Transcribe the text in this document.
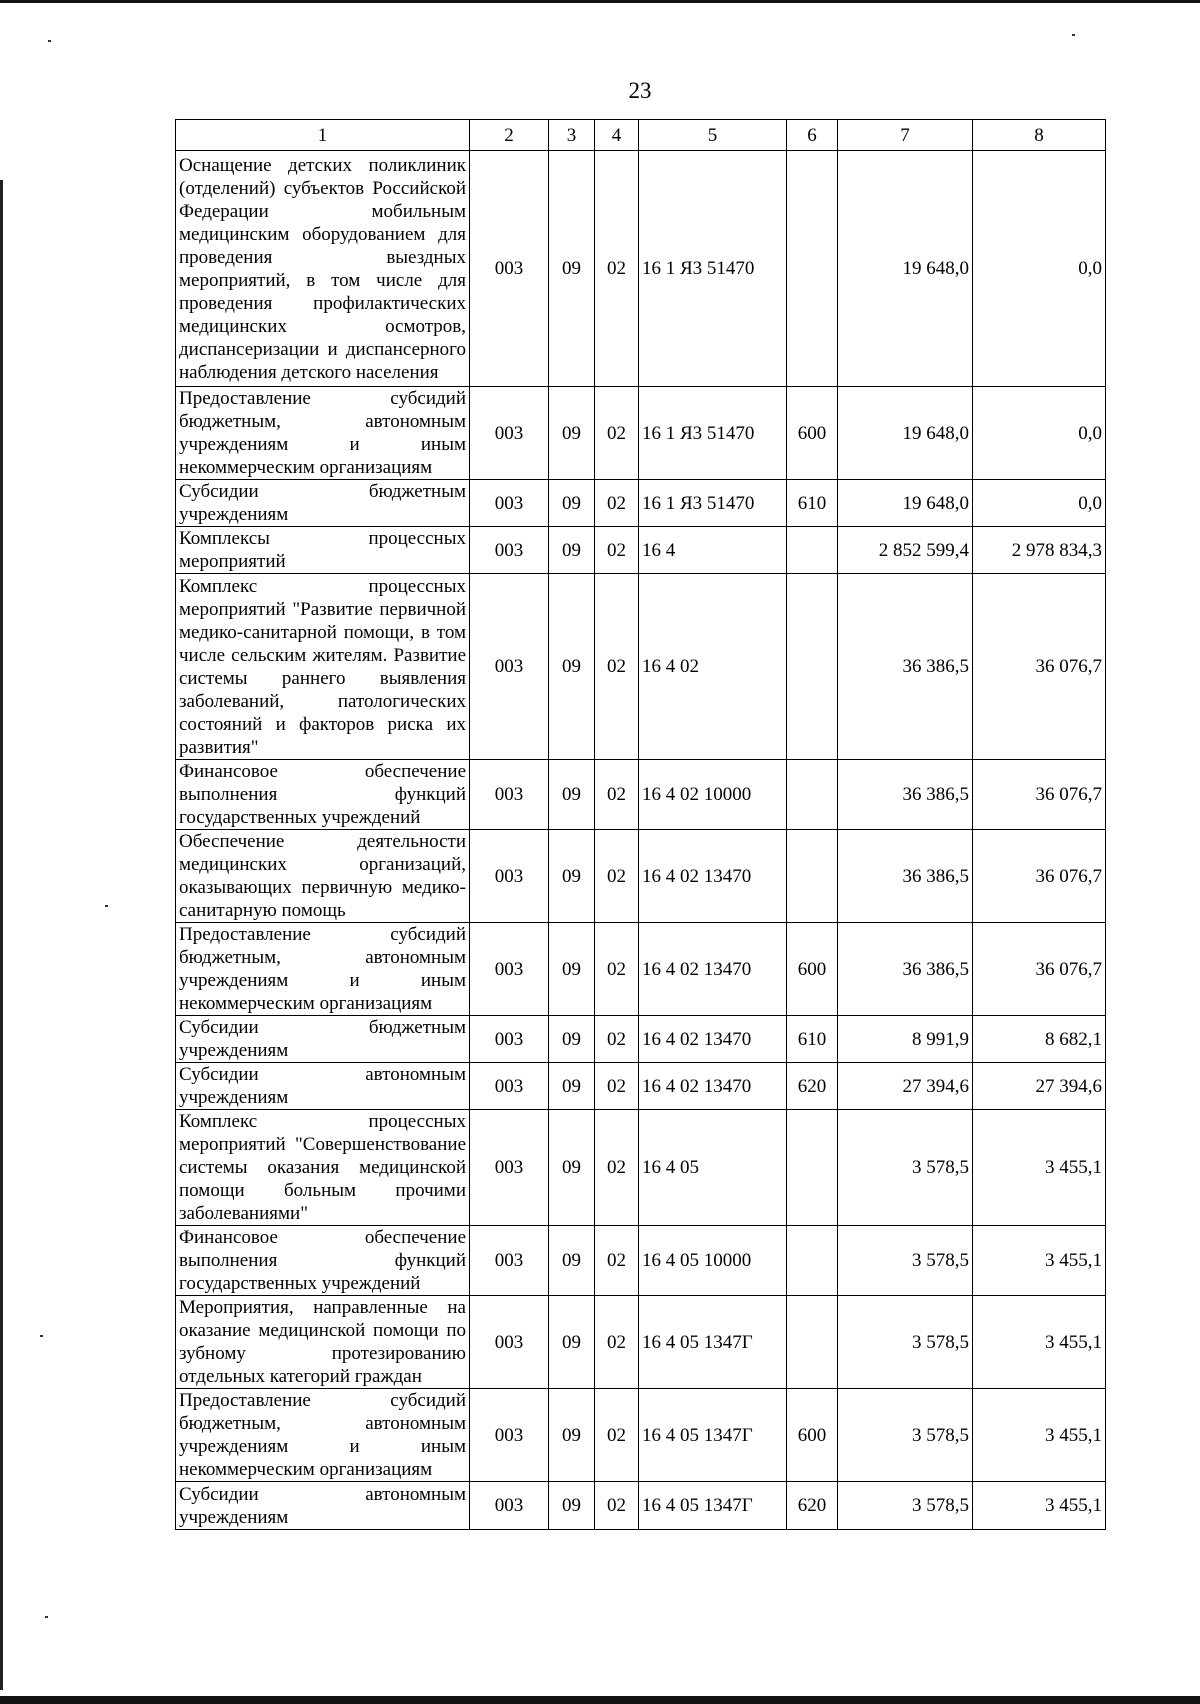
23
1	2	3	4	5	6	7	8
Оснащение детских поликлиник (отделений) субъектов Российской Федерации мобильным медицинским оборудованием для проведения выездных мероприятий, в том числе для проведения профилактических медицинских осмотров, диспансеризации и диспансерного наблюдения детского населения	003	09	02	16 1 Я3 51470		19 648,0	0,0
Предоставление субсидий бюджетным, автономным учреждениям и иным некоммерческим организациям	003	09	02	16 1 Я3 51470	600	19 648,0	0,0
Субсидии бюджетным учреждениям	003	09	02	16 1 Я3 51470	610	19 648,0	0,0
Комплексы процессных мероприятий	003	09	02	16 4		2 852 599,4	2 978 834,3
Комплекс процессных мероприятий "Развитие первичной медико-санитарной помощи, в том числе сельским жителям. Развитие системы раннего выявления заболеваний, патологических состояний и факторов риска их развития"	003	09	02	16 4 02		36 386,5	36 076,7
Финансовое обеспечение выполнения функций государственных учреждений	003	09	02	16 4 02 10000		36 386,5	36 076,7
Обеспечение деятельности медицинских организаций, оказывающих первичную медико-санитарную помощь	003	09	02	16 4 02 13470		36 386,5	36 076,7
Предоставление субсидий бюджетным, автономным учреждениям и иным некоммерческим организациям	003	09	02	16 4 02 13470	600	36 386,5	36 076,7
Субсидии бюджетным учреждениям	003	09	02	16 4 02 13470	610	8 991,9	8 682,1
Субсидии автономным учреждениям	003	09	02	16 4 02 13470	620	27 394,6	27 394,6
Комплекс процессных мероприятий "Совершенствование системы оказания медицинской помощи больным прочими заболеваниями"	003	09	02	16 4 05		3 578,5	3 455,1
Финансовое обеспечение выполнения функций государственных учреждений	003	09	02	16 4 05 10000		3 578,5	3 455,1
Мероприятия, направленные на оказание медицинской помощи по зубному протезированию отдельных категорий граждан	003	09	02	16 4 05 1347Г		3 578,5	3 455,1
Предоставление субсидий бюджетным, автономным учреждениям и иным некоммерческим организациям	003	09	02	16 4 05 1347Г	600	3 578,5	3 455,1
Субсидии автономным учреждениям	003	09	02	16 4 05 1347Г	620	3 578,5	3 455,1
